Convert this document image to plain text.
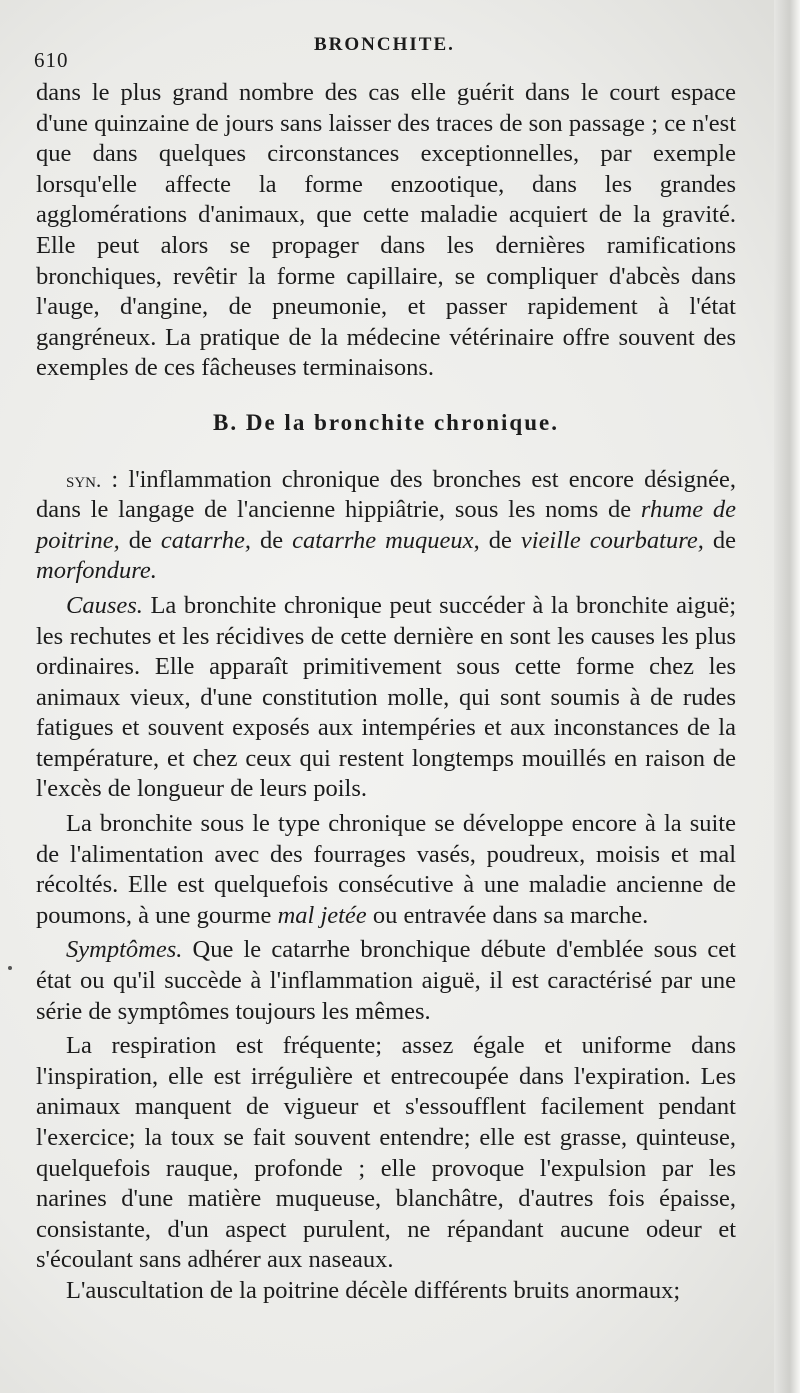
610
BRONCHITE.

dans le plus grand nombre des cas elle guérit dans le court espace d'une quinzaine de jours sans laisser des traces de son passage ; ce n'est que dans quelques circonstances exceptionnelles, par exemple lorsqu'elle affecte la forme enzootique, dans les grandes agglomérations d'animaux, que cette maladie acquiert de la gravité. Elle peut alors se propager dans les dernières ramifications bronchiques, revêtir la forme capillaire, se compliquer d'abcès dans l'auge, d'angine, de pneumonie, et passer rapidement à l'état gangréneux. La pratique de la médecine vétérinaire offre souvent des exemples de ces fâcheuses terminaisons.

B. De la bronchite chronique.

syn. : l'inflammation chronique des bronches est encore désignée, dans le langage de l'ancienne hippiâtrie, sous les noms de rhume de poitrine, de catarrhe, de catarrhe muqueux, de vieille courbature, de morfondure.

Causes. La bronchite chronique peut succéder à la bronchite aiguë; les rechutes et les récidives de cette dernière en sont les causes les plus ordinaires. Elle apparaît primitivement sous cette forme chez les animaux vieux, d'une constitution molle, qui sont soumis à de rudes fatigues et souvent exposés aux intempéries et aux inconstances de la température, et chez ceux qui restent longtemps mouillés en raison de l'excès de longueur de leurs poils.

La bronchite sous le type chronique se développe encore à la suite de l'alimentation avec des fourrages vasés, poudreux, moisis et mal récoltés. Elle est quelquefois consécutive à une maladie ancienne de poumons, à une gourme mal jetée ou entravée dans sa marche.

Symptômes. Que le catarrhe bronchique débute d'emblée sous cet état ou qu'il succède à l'inflammation aiguë, il est caractérisé par une série de symptômes toujours les mêmes.

La respiration est fréquente; assez égale et uniforme dans l'inspiration, elle est irrégulière et entrecoupée dans l'expiration. Les animaux manquent de vigueur et s'essoufflent facilement pendant l'exercice; la toux se fait souvent entendre; elle est grasse, quinteuse, quelquefois rauque, profonde ; elle provoque l'expulsion par les narines d'une matière muqueuse, blanchâtre, d'autres fois épaisse, consistante, d'un aspect purulent, ne répandant aucune odeur et s'écoulant sans adhérer aux naseaux.

L'auscultation de la poitrine décèle différents bruits anormaux;
